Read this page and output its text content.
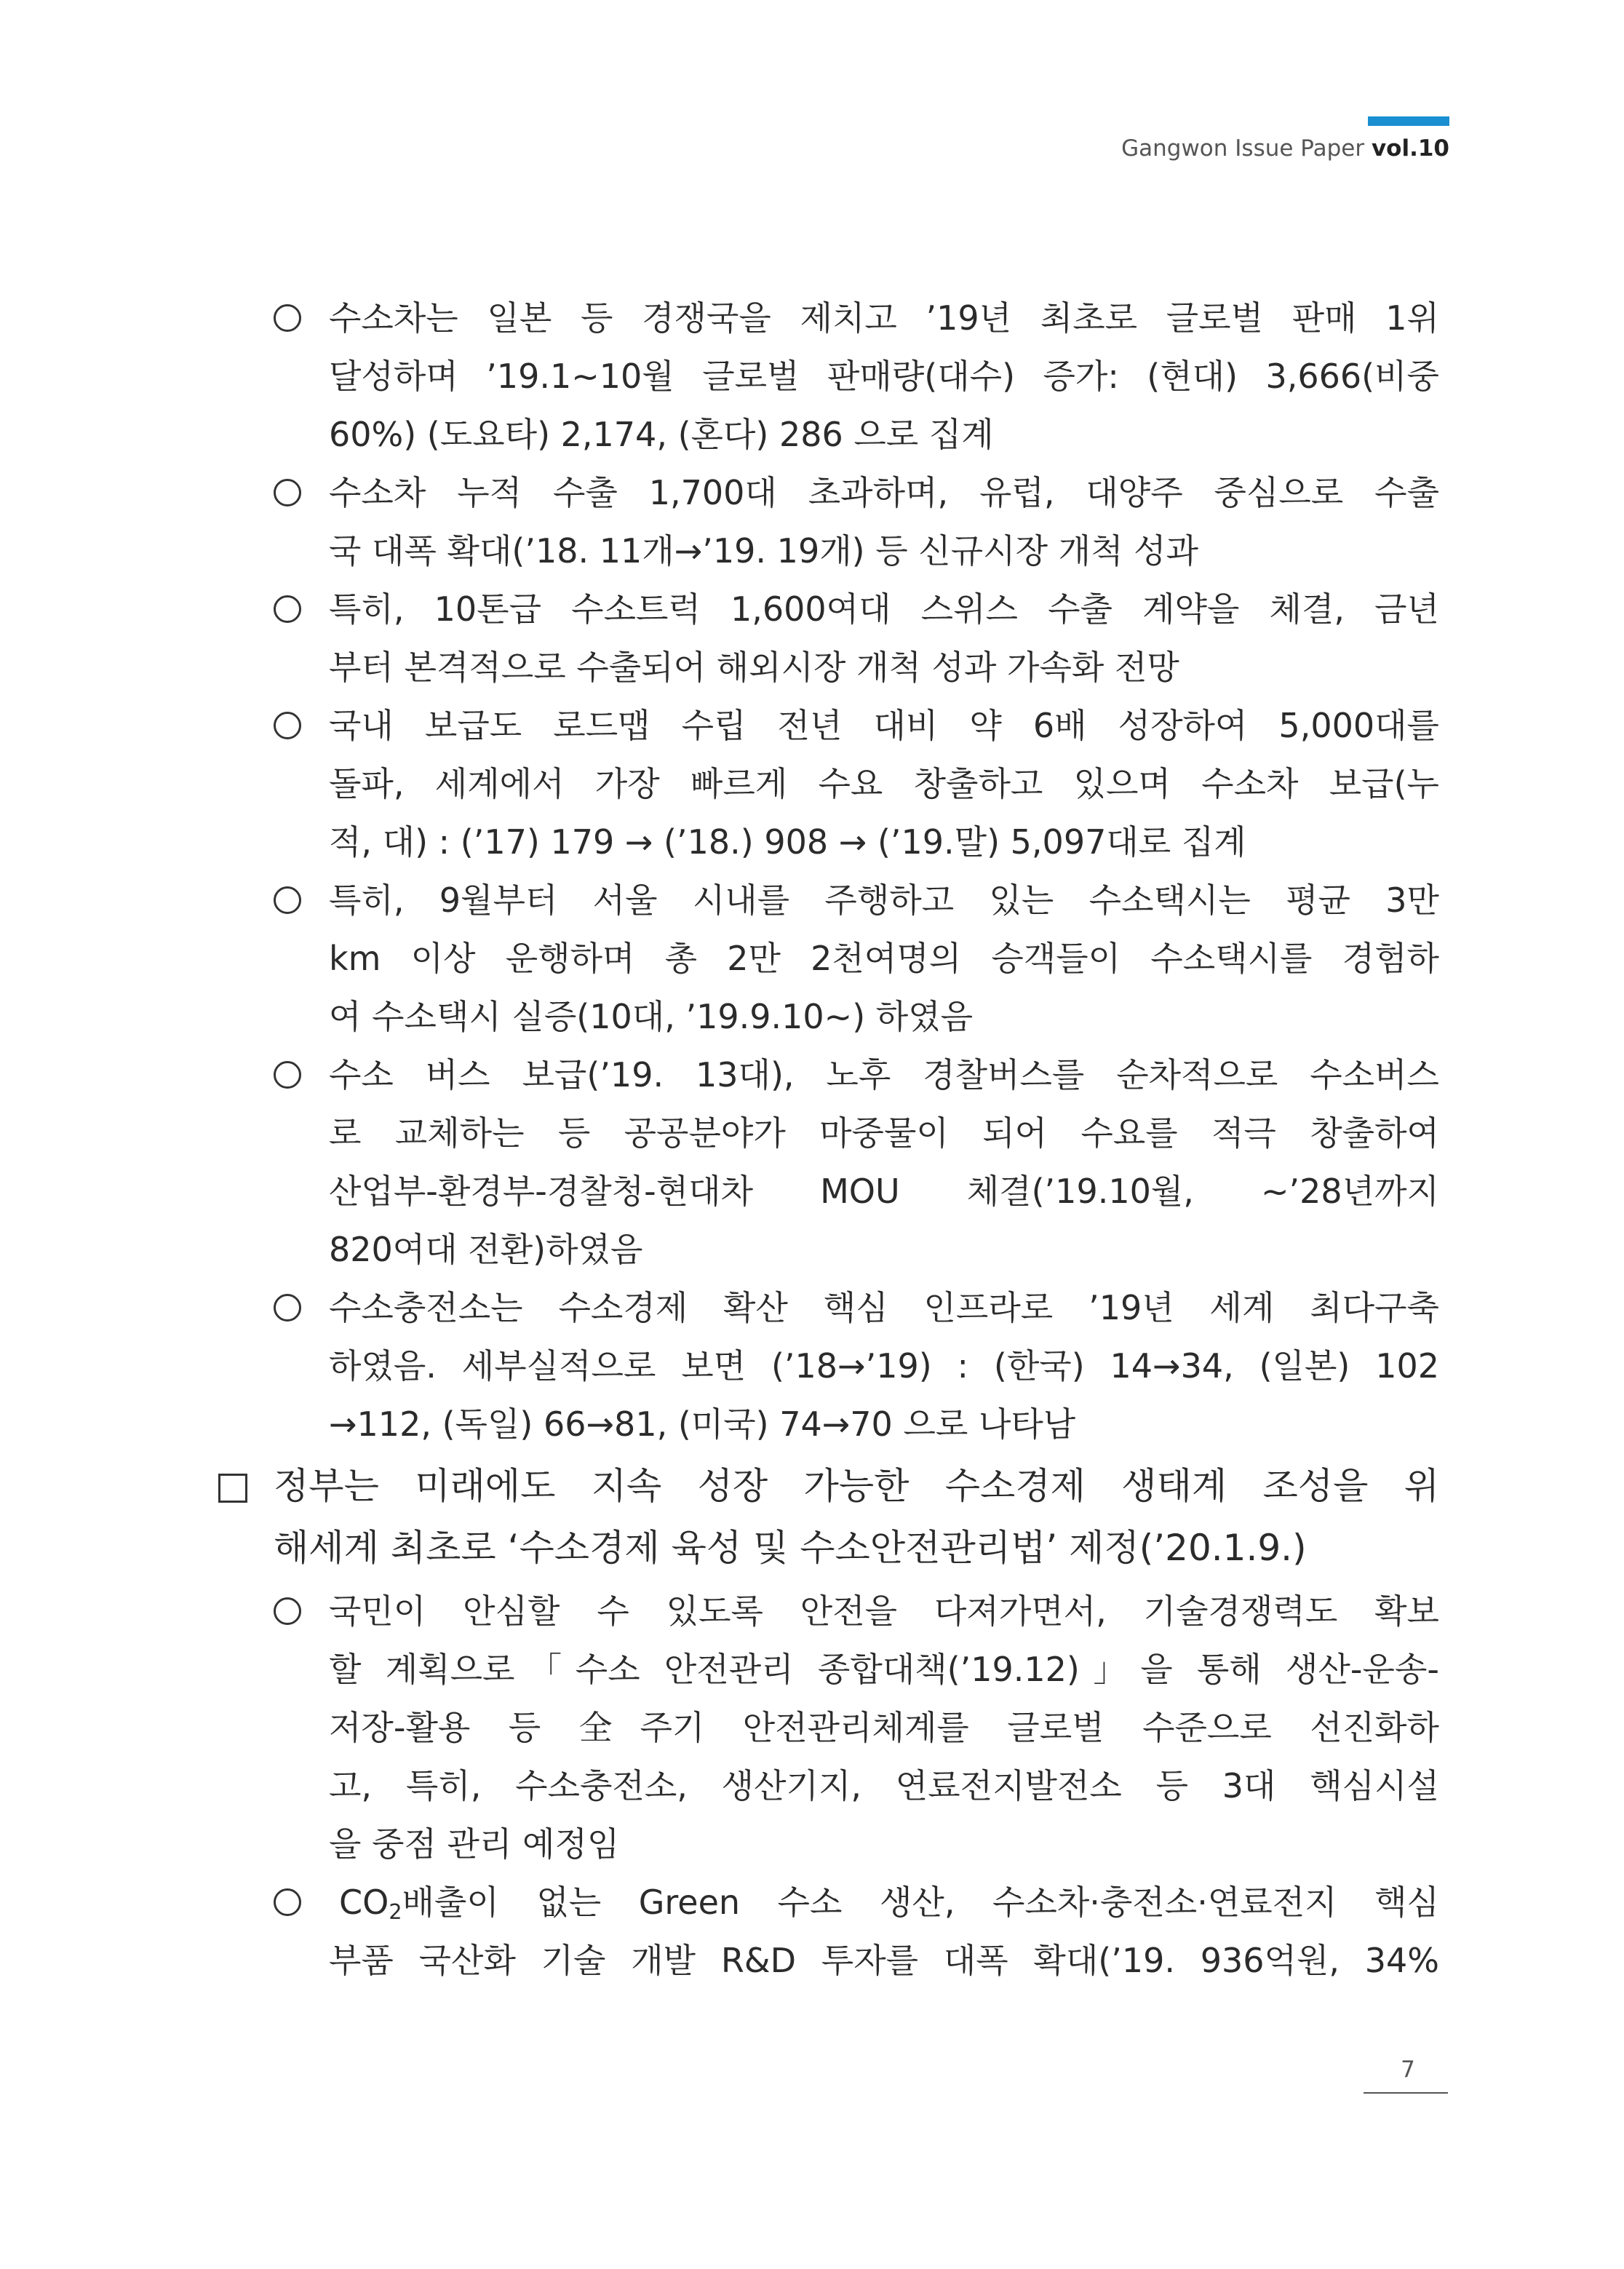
Gangwon Issue Paper vol.10
수소차는 일본 등 경쟁국을 제치고 ’19년 최초로 글로벌 판매 1위
달성하며 ’19.1~10월 글로벌 판매량(대수) 증가: (현대) 3,666(비중
60%) (도요타) 2,174, (혼다) 286 으로 집계
수소차 누적 수출 1,700대 초과하며, 유럽, 대양주 중심으로 수출
국 대폭 확대(’18. 11개→’19. 19개) 등 신규시장 개척 성과
특히, 10톤급 수소트럭 1,600여대 스위스 수출 계약을 체결, 금년
부터 본격적으로 수출되어 해외시장 개척 성과 가속화 전망
국내 보급도 로드맵 수립 전년 대비 약 6배 성장하여 5,000대를
돌파, 세계에서 가장 빠르게 수요 창출하고 있으며 수소차 보급(누
적, 대) : (’17) 179 → (’18.) 908 → (’19.말) 5,097대로 집계
특히, 9월부터 서울 시내를 주행하고 있는 수소택시는 평균 3만
km 이상 운행하며 총 2만 2천여명의 승객들이 수소택시를 경험하
여 수소택시 실증(10대, ’19.9.10~) 하였음
수소 버스 보급(’19. 13대), 노후 경찰버스를 순차적으로 수소버스
로 교체하는 등 공공분야가 마중물이 되어 수요를 적극 창출하여
산업부-환경부-경찰청-현대차 MOU 체결(’19.10월, ~’28년까지
820여대 전환)하였음
수소충전소는 수소경제 확산 핵심 인프라로 ’19년 세계 최다구축
하였음. 세부실적으로 보면 (’18→’19) : (한국) 14→34, (일본) 102
→112, (독일) 66→81, (미국) 74→70 으로 나타남
정부는 미래에도 지속 성장 가능한 수소경제 생태계 조성을 위
해세계 최초로 ‘수소경제 육성 및 수소안전관리법’ 제정(’20.1.9.)
국민이 안심할 수 있도록 안전을 다져가면서, 기술경쟁력도 확보
할 계획으로「수소 안전관리 종합대책(’19.12)」을 통해 생산-운송-
저장-활용 등 全주기 안전관리체계를 글로벌 수준으로 선진화하
고, 특히, 수소충전소, 생산기지, 연료전지발전소 등 3대 핵심시설
을 중점 관리 예정임
$CO_2$배출이 없는 Green 수소 생산, 수소차·충전소·연료전지 핵심
부품 국산화 기술 개발 R&D 투자를 대폭 확대(’19. 936억원, 34%
7
